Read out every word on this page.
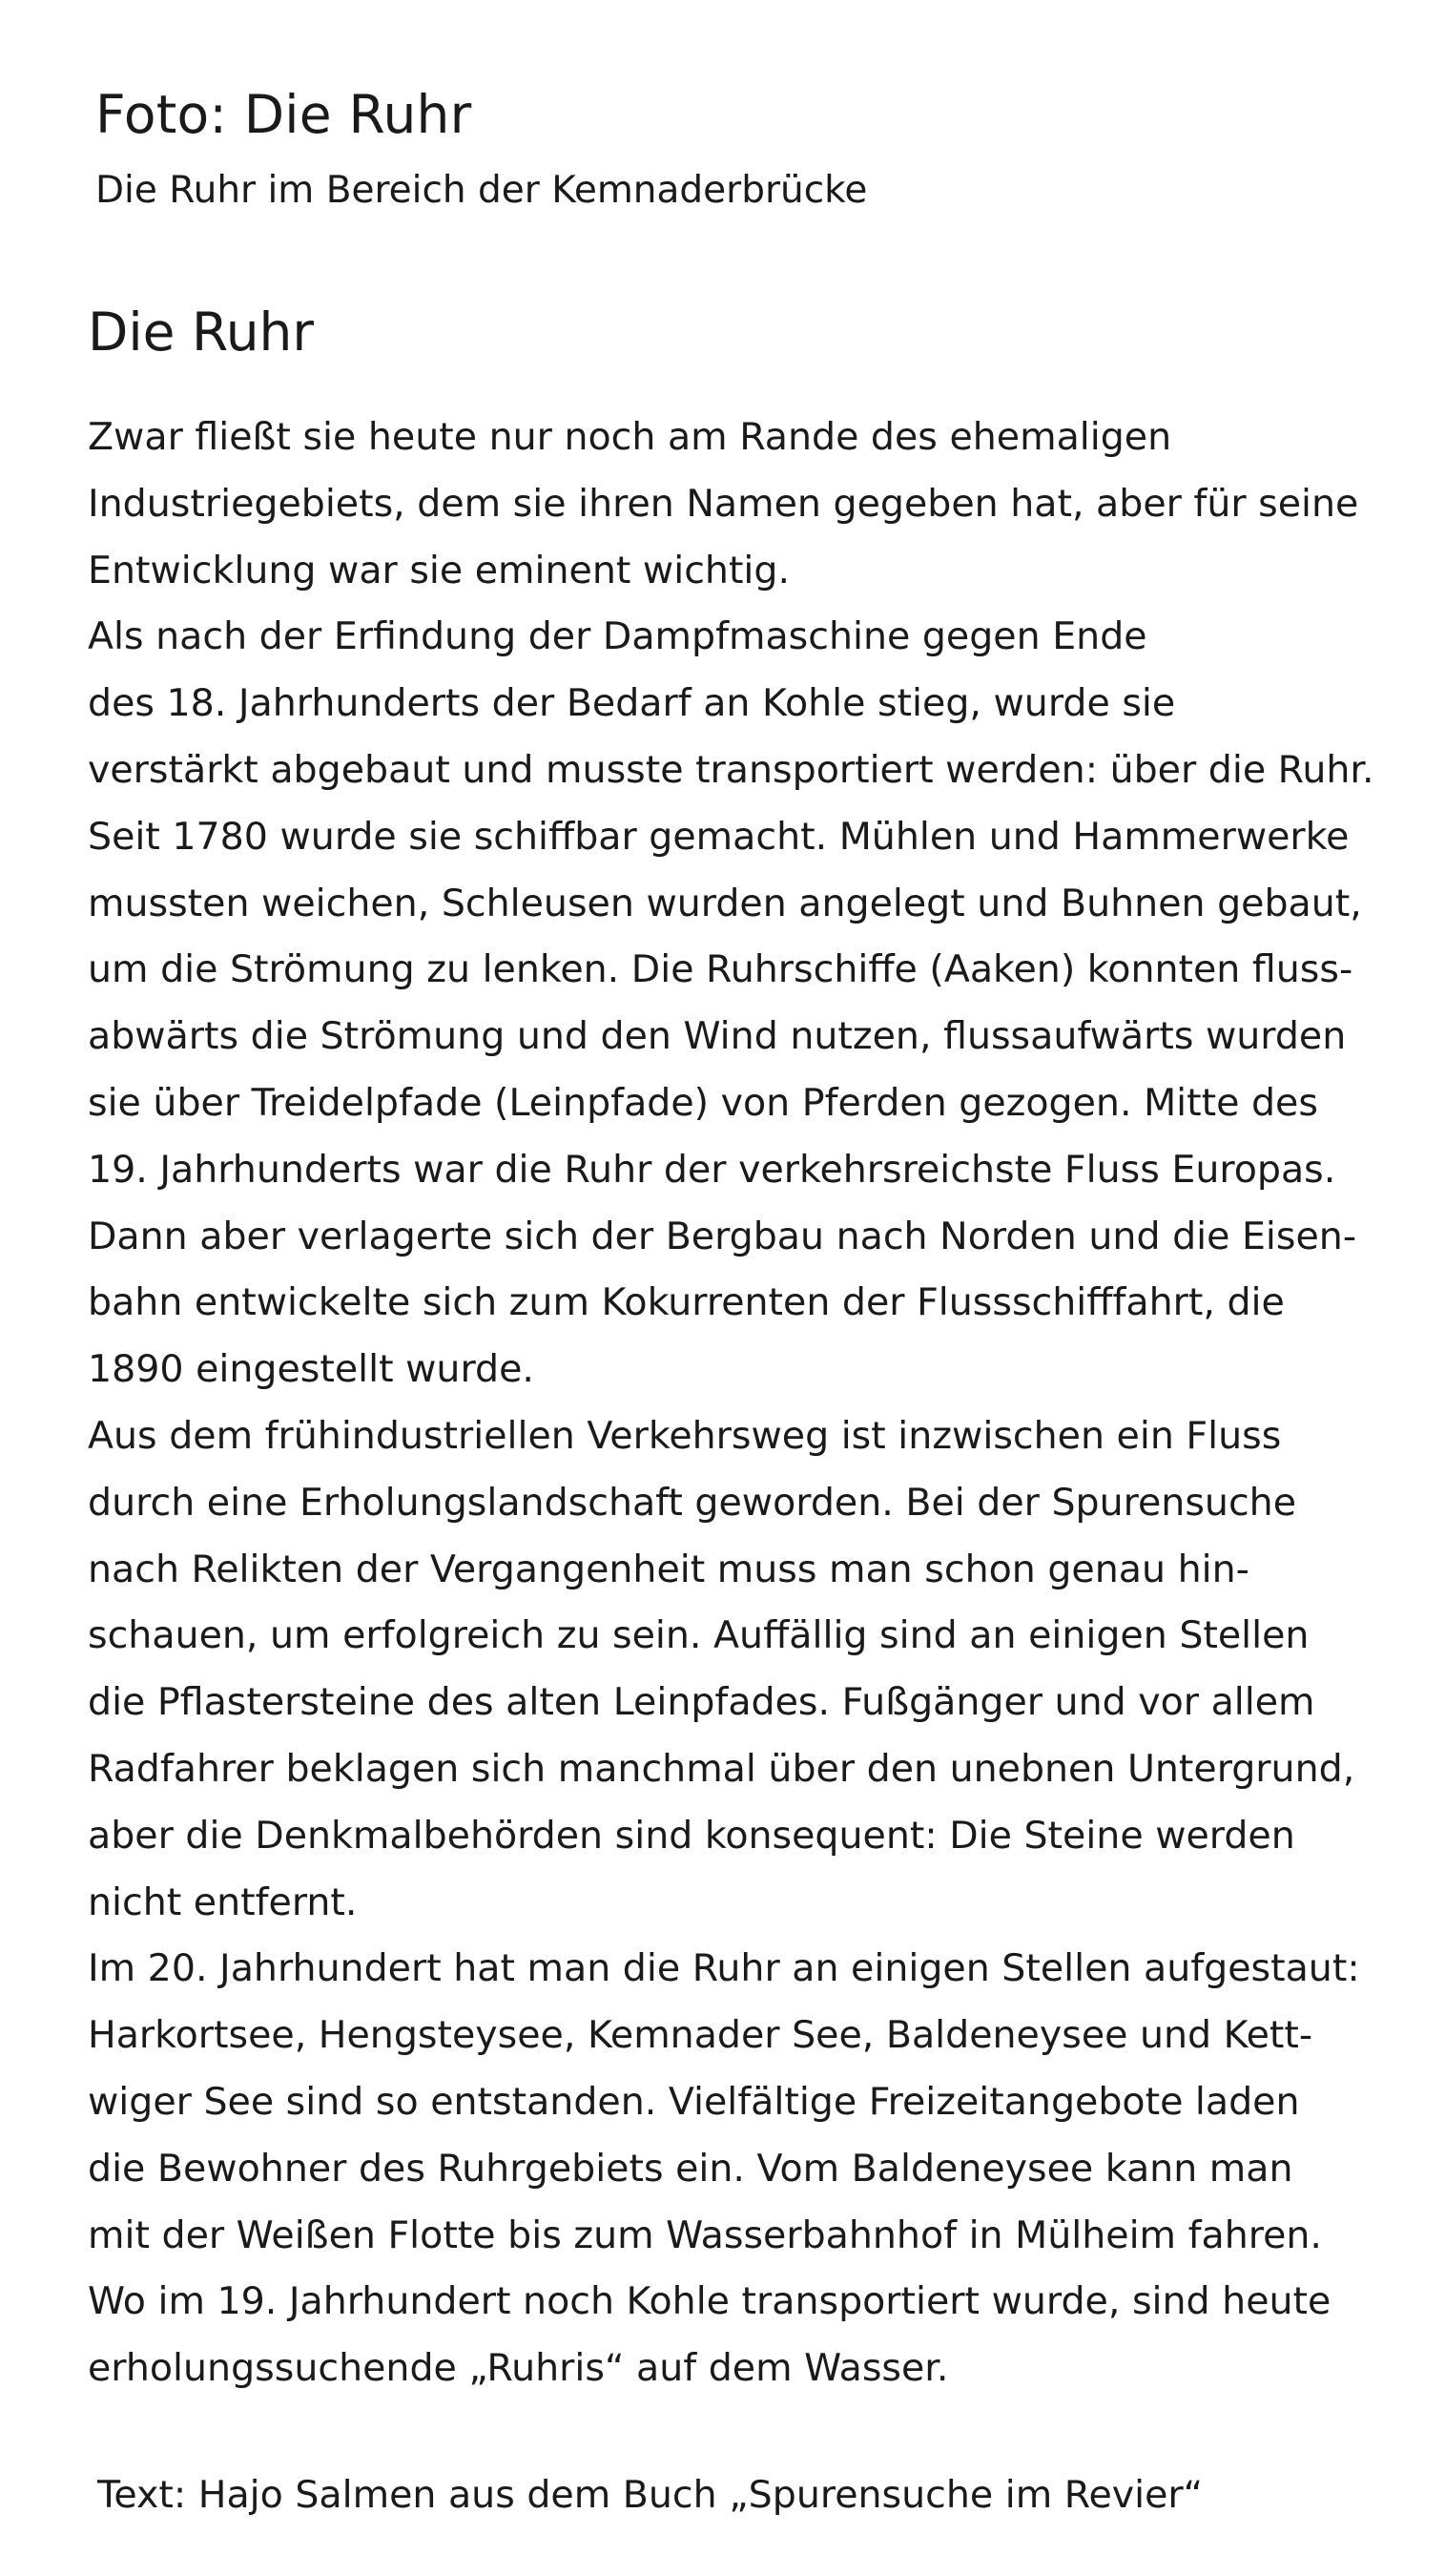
Foto: Die Ruhr

Die Ruhr im Bereich der Kemnaderbrücke

Die Ruhr

Zwar fließt sie heute nur noch am Rande des ehemaligen
Industriegebiets, dem sie ihren Namen gegeben hat, aber für seine
Entwicklung war sie eminent wichtig.
Als nach der Erfindung der Dampfmaschine gegen Ende
des 18. Jahrhunderts der Bedarf an Kohle stieg, wurde sie
verstärkt abgebaut und musste transportiert werden: über die Ruhr.
Seit 1780 wurde sie schiffbar gemacht. Mühlen und Hammerwerke
mussten weichen, Schleusen wurden angelegt und Buhnen gebaut,
um die Strömung zu lenken. Die Ruhrschiffe (Aaken) konnten fluss-
abwärts die Strömung und den Wind nutzen, flussaufwärts wurden
sie über Treidelpfade (Leinpfade) von Pferden gezogen. Mitte des
19. Jahrhunderts war die Ruhr der verkehrsreichste Fluss Europas.
Dann aber verlagerte sich der Bergbau nach Norden und die Eisen-
bahn entwickelte sich zum Kokurrenten der Flussschifffahrt, die
1890 eingestellt wurde.
Aus dem frühindustriellen Verkehrsweg ist inzwischen ein Fluss
durch eine Erholungslandschaft geworden. Bei der Spurensuche
nach Relikten der Vergangenheit muss man schon genau hin-
schauen, um erfolgreich zu sein. Auffällig sind an einigen Stellen
die Pflastersteine des alten Leinpfades. Fußgänger und vor allem
Radfahrer beklagen sich manchmal über den unebnen Untergrund,
aber die Denkmalbehörden sind konsequent: Die Steine werden
nicht entfernt.
Im 20. Jahrhundert hat man die Ruhr an einigen Stellen aufgestaut:
Harkortsee, Hengsteysee, Kemnader See, Baldeneysee und Kett-
wiger See sind so entstanden. Vielfältige Freizeitangebote laden
die Bewohner des Ruhrgebiets ein. Vom Baldeneysee kann man
mit der Weißen Flotte bis zum Wasserbahnhof in Mülheim fahren.
Wo im 19. Jahrhundert noch Kohle transportiert wurde, sind heute
erholungssuchende „Ruhris“ auf dem Wasser.

Text: Hajo Salmen aus dem Buch „Spurensuche im Revier“
